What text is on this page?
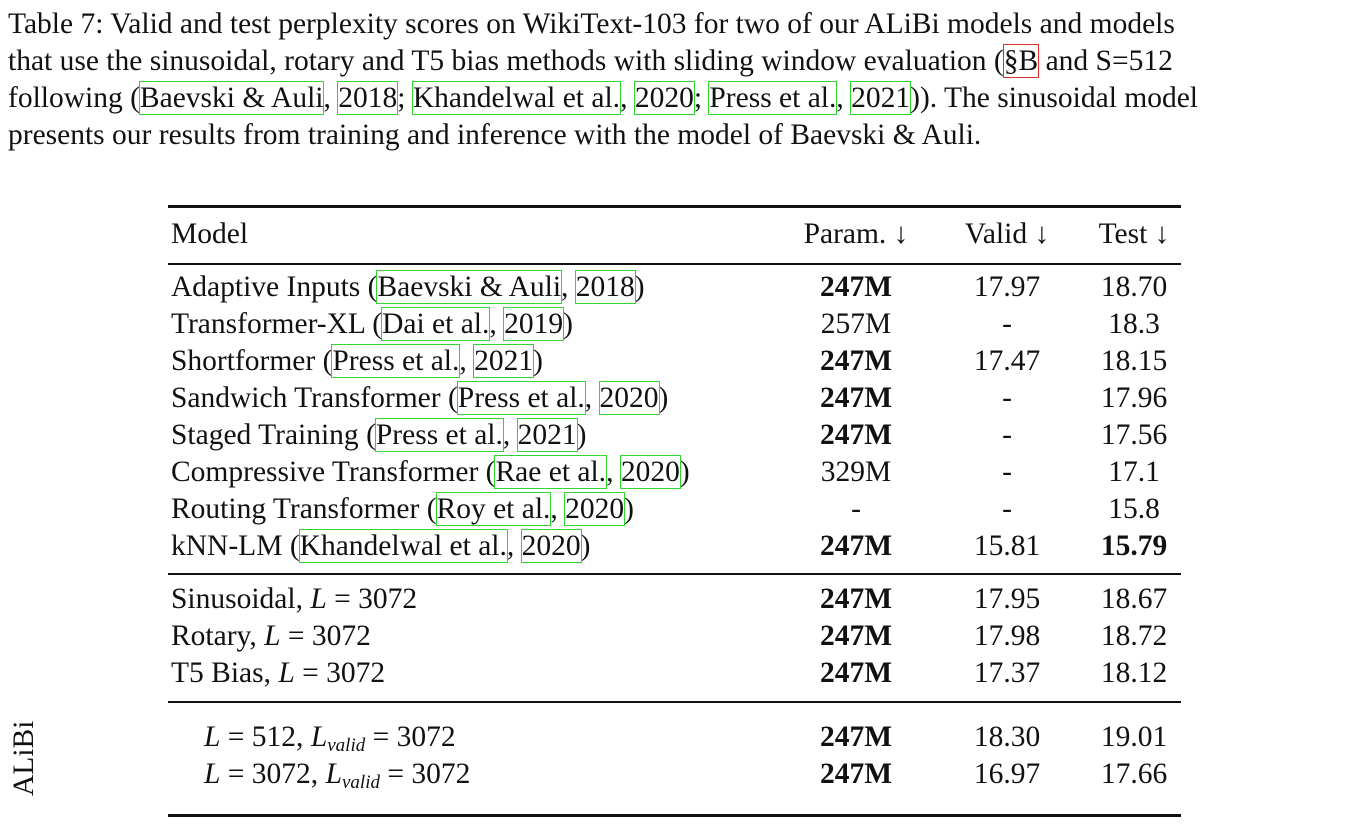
Table 7: Valid and test perplexity scores on WikiText-103 for two of our ALiBi models and models
that use the sinusoidal, rotary and T5 bias methods with sliding window evaluation (§B and S=512
following (Baevski & Auli, 2018; Khandelwal et al., 2020; Press et al., 2021)). The sinusoidal model
presents our results from training and inference with the model of Baevski & Auli.
Model	Param. ↓	Valid ↓	Test ↓
Adaptive Inputs (Baevski & Auli, 2018)	247M	17.97	18.70
Transformer-XL (Dai et al., 2019)	257M	-	18.3
Shortformer (Press et al., 2021)	247M	17.47	18.15
Sandwich Transformer (Press et al., 2020)	247M	-	17.96
Staged Training (Press et al., 2021)	247M	-	17.56
Compressive Transformer (Rae et al., 2020)	329M	-	17.1
Routing Transformer (Roy et al., 2020)	-	-	15.8
kNN-LM (Khandelwal et al., 2020)	247M	15.81	15.79
Sinusoidal, L = 3072	247M	17.95	18.67
Rotary, L = 3072	247M	17.98	18.72
T5 Bias, L = 3072	247M	17.37	18.12
L = 512, $L_{valid} = 3072$	247M	18.30	19.01
L = 3072, $L_{valid} = 3072$	247M	16.97	17.66
ALiBi
